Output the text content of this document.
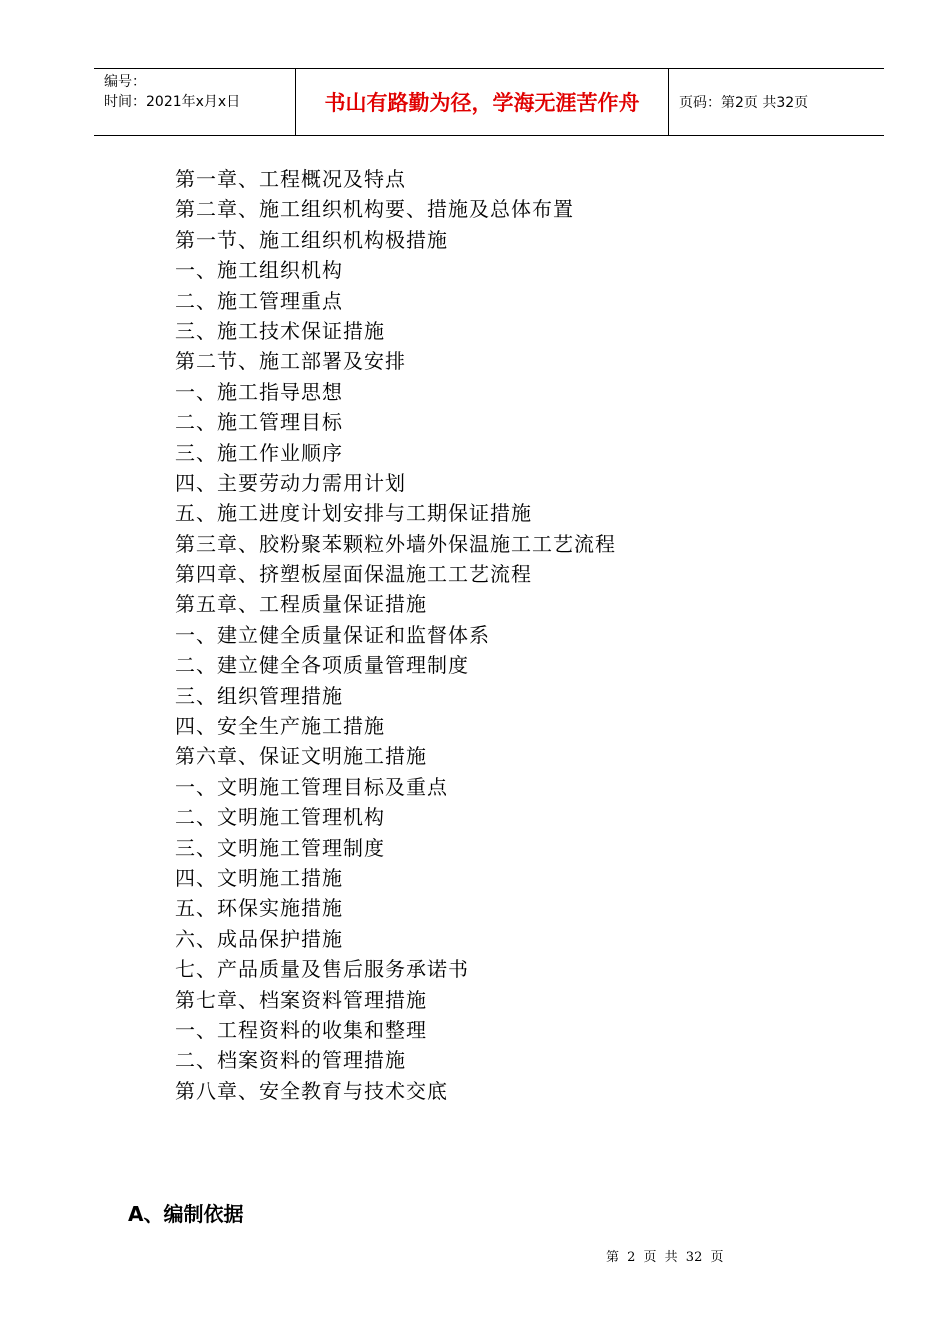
编号：
时间：2021年x月x日	书山有路勤为径，学海无涯苦作舟	页码：第2页 共32页
第一章、工程概况及特点
第二章、施工组织机构要、措施及总体布置
第一节、施工组织机构极措施
一、施工组织机构
二、施工管理重点
三、施工技术保证措施
第二节、施工部署及安排
一、施工指导思想
二、施工管理目标
三、施工作业顺序
四、主要劳动力需用计划
五、施工进度计划安排与工期保证措施
第三章、胶粉聚苯颗粒外墙外保温施工工艺流程
第四章、挤塑板屋面保温施工工艺流程
第五章、工程质量保证措施
一、建立健全质量保证和监督体系
二、建立健全各项质量管理制度
三、组织管理措施
四、安全生产施工措施
第六章、保证文明施工措施
一、文明施工管理目标及重点
二、文明施工管理机构
三、文明施工管理制度
四、文明施工措施
五、环保实施措施
六、成品保护措施
七、产品质量及售后服务承诺书
第七章、档案资料管理措施
一、工程资料的收集和整理
二、档案资料的管理措施
第八章、安全教育与技术交底
A、编制依据
第 2 页 共 32 页
